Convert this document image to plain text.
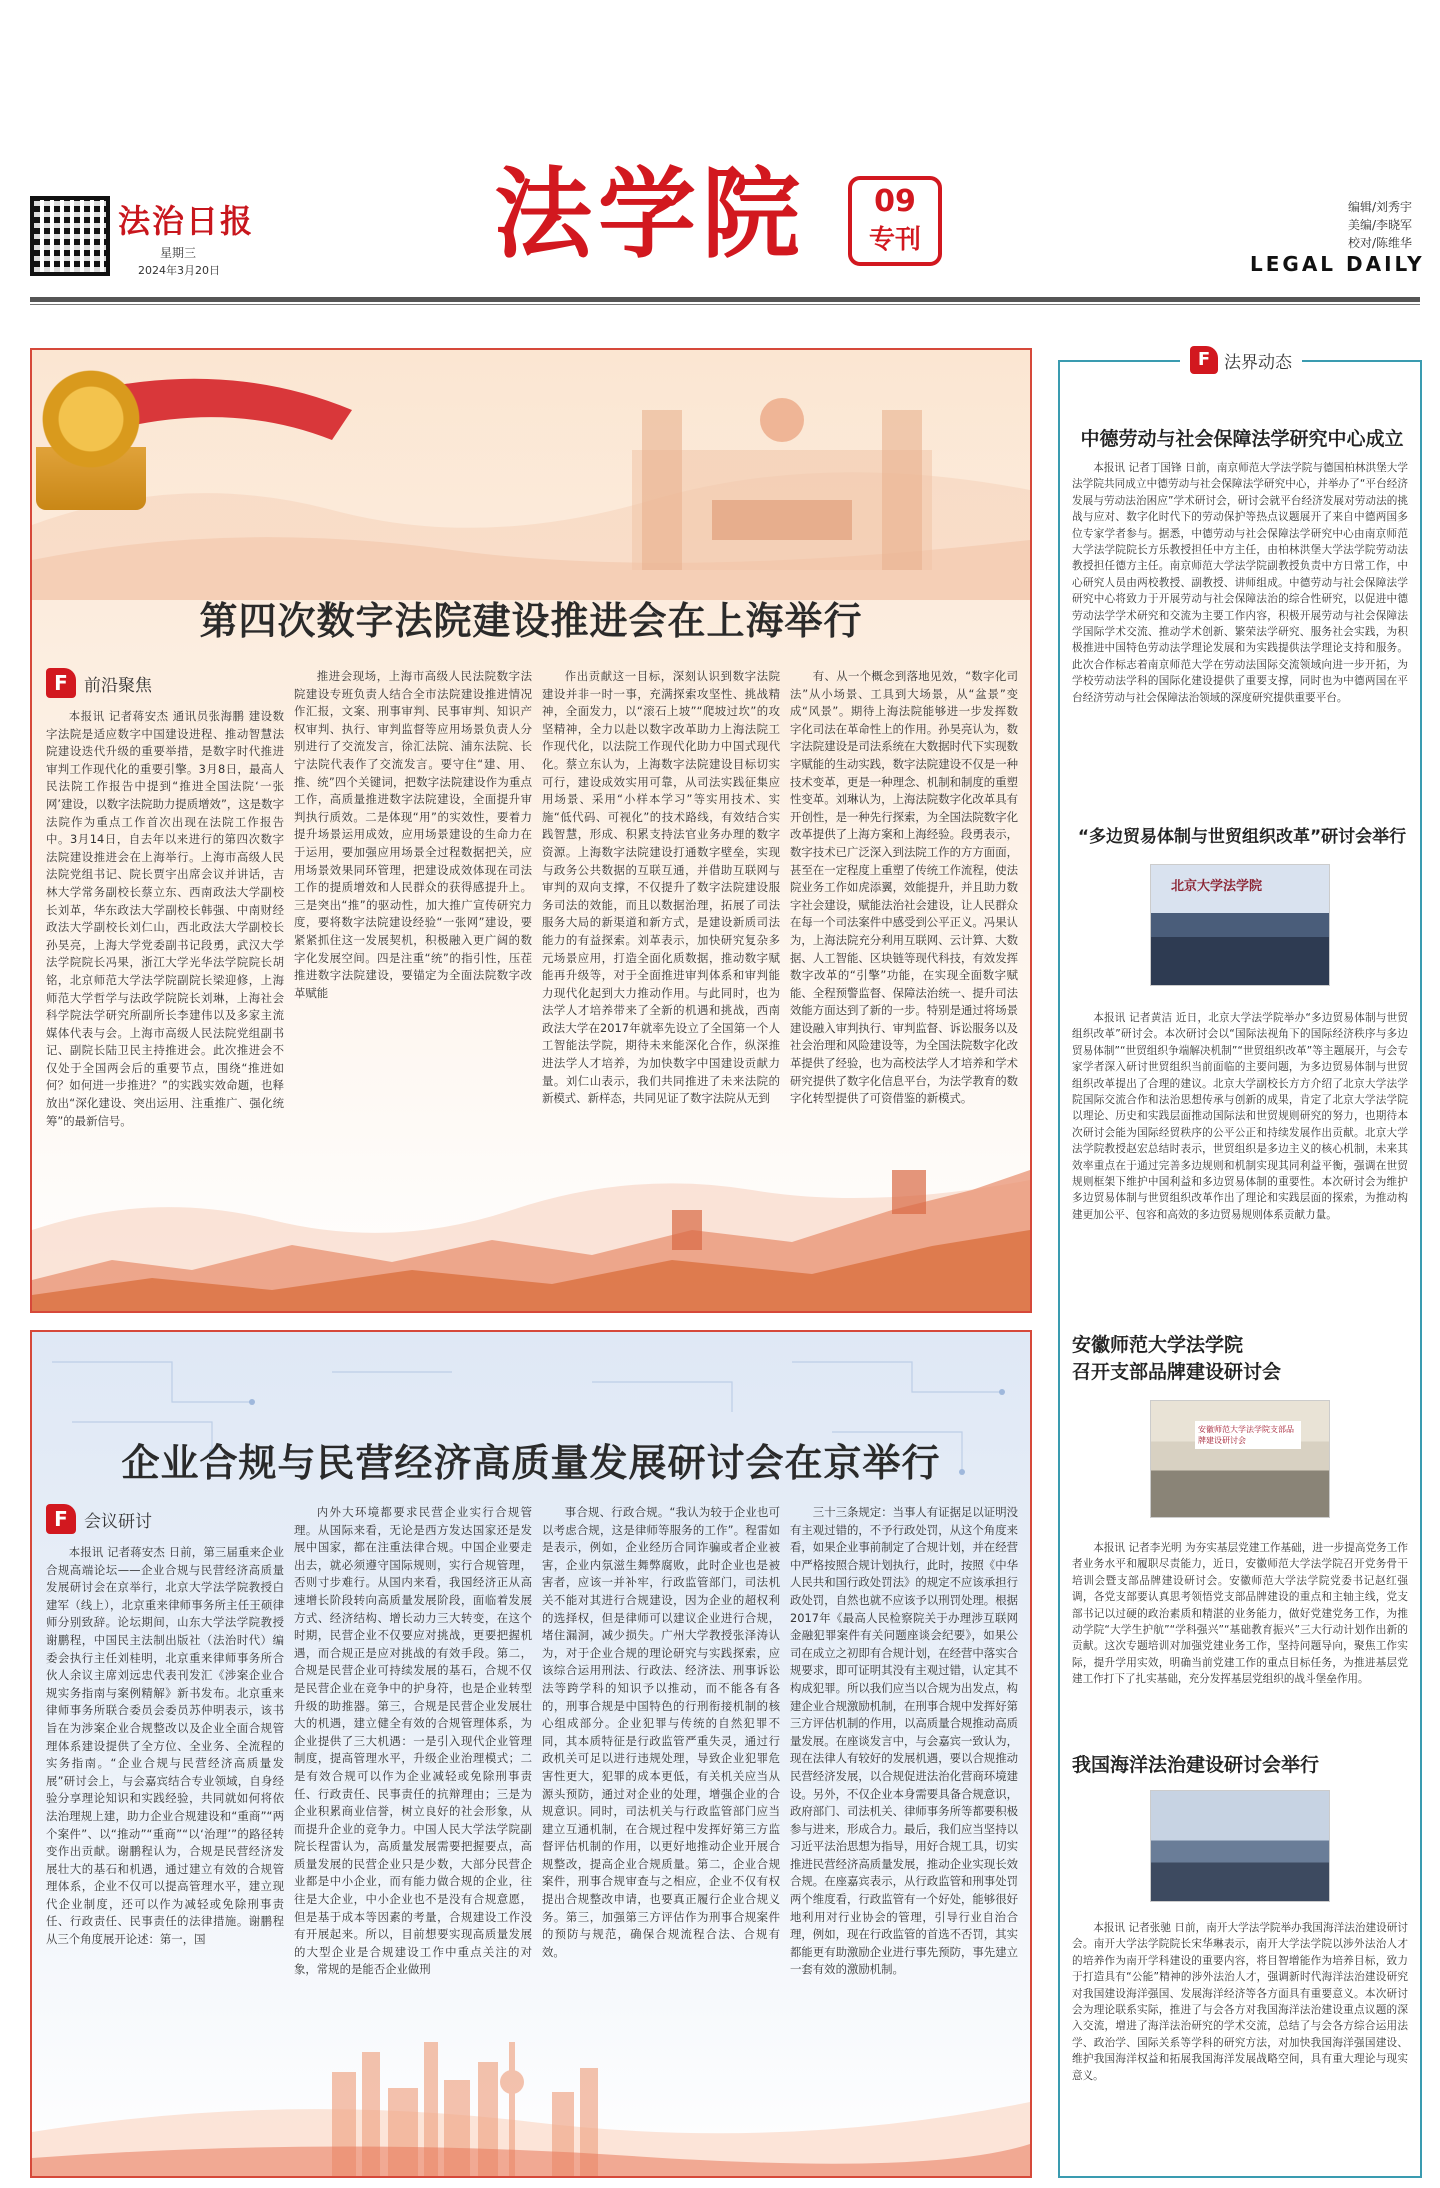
法治日报
星期三
2024年3月20日	法学院	09
专刊
编辑/刘秀宇
美编/李晓军
校对/陈维华
LEGAL DAILY
第四次数字法院建设推进会在上海举行
F 前沿聚焦

本报讯 记者蒋安杰 通讯员张海鹏 建设数字法院是适应数字中国建设进程、推动智慧法院建设迭代升级的重要举措，是数字时代推进审判工作现代化的重要引擎。3月8日，最高人民法院工作报告中提到“推进全国法院‘一张网’建设，以数字法院助力提质增效”，这是数字法院作为重点工作首次出现在法院工作报告中。3月14日，自去年以来进行的第四次数字法院建设推进会在上海举行。上海市高级人民法院党组书记、院长贾宇出席会议并讲话，吉林大学常务副校长蔡立东、西南政法大学副校长刘革，华东政法大学副校长韩强、中南财经政法大学副校长刘仁山，西北政法大学副校长孙昊亮，上海大学党委副书记段勇，武汉大学法学院院长冯果，浙江大学光华法学院院长胡铭，北京师范大学法学院副院长梁迎修，上海师范大学哲学与法政学院院长刘琳，上海社会科学院法学研究所副所长李建伟以及多家主流媒体代表与会。上海市高级人民法院党组副书记、副院长陆卫民主持推进会。此次推进会不仅处于全国两会后的重要节点，围绕“推进如何？如何进一步推进？”的实践实效命题，也释放出“深化建设、突出运用、注重推广、强化统筹”的最新信号。

推进会现场，上海市高级人民法院数字法院建设专班负责人结合全市法院建设推进情况作汇报，文案、刑事审判、民事审判、知识产权审判、执行、审判监督等应用场景负责人分别进行了交流发言，徐汇法院、浦东法院、长宁法院代表作了交流发言。要守住“建、用、推、统”四个关键词，把数字法院建设作为重点工作，高质量推进数字法院建设，全面提升审判执行质效。二是体现“用”的实效性，要着力提升场景运用成效，应用场景建设的生命力在于运用，要加强应用场景全过程数据把关，应用场景效果同环管理，把建设成效体现在司法工作的提质增效和人民群众的获得感提升上。三是突出“推”的驱动性，加大推广宣传研究力度，要将数字法院建设经验“一张网”建设，要紧紧抓住这一发展契机，积极融入更广阔的数字化发展空间。四是注重“统”的指引性，压茬推进数字法院建设，要锚定为全面法院数字改革赋能

作出贡献这一目标，深刻认识到数字法院建设并非一时一事，充满探索攻坚性、挑战精神，全面发力，以“滚石上坡”“爬坡过坎”的攻坚精神，全力以赴以数字改革助力上海法院工作现代化，以法院工作现代化助力中国式现代化。蔡立东认为，上海数字法院建设目标切实可行，建设成效实用可靠，从司法实践征集应用场景、采用“小样本学习”等实用技术、实施“低代码、可视化”的技术路线，有效结合实践智慧，形成、积累支持法官业务办理的数字资源。上海数字法院建设打通数字壁垒，实现与政务公共数据的互联互通，并借助互联网与审判的双向支撑，不仅提升了数字法院建设服务司法的效能，而且以数据治理，拓展了司法服务大局的新渠道和新方式，是建设新质司法能力的有益探索。刘革表示，加快研究复杂多元场景应用，打造全面化质数据，推动数字赋能再升级等，对于全面推进审判体系和审判能力现代化起到大力推动作用。与此同时，也为法学人才培养带来了全新的机遇和挑战，西南政法大学在2017年就率先设立了全国第一个人工智能法学院，期待未来能深化合作，纵深推进法学人才培养，为加快数字中国建设贡献力量。刘仁山表示，我们共同推进了未来法院的新模式、新样态，共同见证了数字法院从无到

有、从一个概念到落地见效，“数字化司法”从小场景、工具到大场景，从“盆景”变成“风景”。期待上海法院能够进一步发挥数字化司法在革命性上的作用。孙昊亮认为，数字法院建设是司法系统在大数据时代下实现数字赋能的生动实践，数字法院建设不仅是一种技术变革，更是一种理念、机制和制度的重塑性变革。刘琳认为，上海法院数字化改革具有开创性，是一种先行探索，为全国法院数字化改革提供了上海方案和上海经验。段勇表示，数字技术已广泛深入到法院工作的方方面面，甚至在一定程度上重塑了传统工作流程，使法院业务工作如虎添翼，效能提升，并且助力数字社会建设，赋能法治社会建设，让人民群众在每一个司法案件中感受到公平正义。冯果认为，上海法院充分利用互联网、云计算、大数据、人工智能、区块链等现代科技，有效发挥数字改革的“引擎”功能，在实现全面数字赋能、全程预警监督、保障法治统一、提升司法效能方面达到了新的一步。特别是通过将场景建设融入审判执行、审判监督、诉讼服务以及社会治理和风险建设等，为全国法院数字化改革提供了经验，也为高校法学人才培养和学术研究提供了数字化信息平台，为法学教育的数字化转型提供了可资借鉴的新模式。

企业合规与民营经济高质量发展研讨会在京举行
F 会议研讨

本报讯 记者蒋安杰 日前，第三届重来企业合规高端论坛——企业合规与民营经济高质量发展研讨会在京举行，北京大学法学院教授白建军（线上），北京重来律师事务所主任王硕律师分别致辞。论坛期间，山东大学法学院教授谢鹏程，中国民主法制出版社（法治时代）编委会执行主任刘桂明，北京重来律师事务所合伙人余议主席刘远忠代表刊发汇《涉案企业合规实务指南与案例精解》新书发布。北京重来律师事务所联合委员会委员苏仲明表示，该书旨在为涉案企业合规整改以及企业全面合规管理体系建设提供了全方位、全业务、全流程的实务指南。“企业合规与民营经济高质量发展”研讨会上，与会嘉宾结合专业领域，自身经验分享理论知识和实践经验，共同就如何将依法治理规上建，助力企业合规建设和“重商”“两个案件”、以“推动”“重商”“以‘治理’”的路径转变作出贡献。谢鹏程认为，合规是民营经济发展壮大的基石和机遇，通过建立有效的合规管理体系，企业不仅可以提高管理水平，建立现代企业制度，还可以作为减轻或免除刑事责任、行政责任、民事责任的法律措施。谢鹏程从三个角度展开论述：第一，国

内外大环境都要求民营企业实行合规管理。从国际来看，无论是西方发达国家还是发展中国家，都在注重法律合规。中国企业要走出去，就必须遵守国际规则，实行合规管理，否则寸步难行。从国内来看，我国经济正从高速增长阶段转向高质量发展阶段，面临着发展方式、经济结构、增长动力三大转变，在这个时期，民营企业不仅要应对挑战，更要把握机遇，而合规正是应对挑战的有效手段。第二，合规是民营企业可持续发展的基石，合规不仅是民营企业在竞争中的护身符，也是企业转型升级的助推器。第三，合规是民营企业发展壮大的机遇，建立健全有效的合规管理体系，为企业提供了三大机遇：一是引入现代企业管理制度，提高管理水平，升级企业治理模式；二是有效合规可以作为企业减轻或免除刑事责任、行政责任、民事责任的抗辩理由；三是为企业积累商业信誉，树立良好的社会形象，从而提升企业的竞争力。中国人民大学法学院副院长程雷认为，高质量发展需要把握要点，高质量发展的民营企业只是少数，大部分民营企业都是中小企业，而有能力做合规的企业，往往是大企业，中小企业也不是没有合规意愿，但是基于成本等因素的考量，合规建设工作没有开展起来。所以，目前想要实现高质量发展的大型企业是合规建设工作中重点关注的对象，常规的是能否企业做刑

事合规、行政合规。“我认为较于企业也可以考虑合规，这是律师等服务的工作”。程雷如是表示，例如，企业经历合同诈骗或者企业被害，企业内氛滋生舞弊腐败，此时企业也是被害者，应该一并补牢，行政监管部门，司法机关不能对其进行合规建设，因为企业的超权利的选择权，但是律师可以建议企业进行合规，堵住漏洞，减少损失。广州大学教授张泽涛认为，对于企业合规的理论研究与实践探索，应该综合运用刑法、行政法、经济法、刑事诉讼法等跨学科的知识予以推动，而不能各有各的，刑事合规是中国特色的行刑衔接机制的核心组成部分。企业犯罪与传统的自然犯罪不同，其本质特征是行政监管严重失灵，通过行政机关可足以进行违规处理，导致企业犯罪危害性更大，犯罪的成本更低，有关机关应当从源头预防，通过对企业的处理，增强企业的合规意识。同时，司法机关与行政监管部门应当建立互通机制，在合规过程中发挥好第三方监督评估机制的作用，以更好地推动企业开展合规整改，提高企业合规质量。第二，企业合规案件，刑事合规审查与之相应，企业不仅有权提出合规整改申请，也要真正履行企业合规义务。第三，加强第三方评估作为刑事合规案件的预防与规范，确保合规流程合法、合规有效。

三十三条规定：当事人有证据足以证明没有主观过错的，不予行政处罚，从这个角度来看，如果企业事前制定了合规计划，并在经营中严格按照合规计划执行，此时，按照《中华人民共和国行政处罚法》的规定不应该承担行政处罚，自然也就不应该予以刑罚处理。根据2017年《最高人民检察院关于办理涉互联网金融犯罪案件有关问题座谈会纪要》，如果公司在成立之初即有合规计划，在经营中落实合规要求，即可证明其没有主观过错，认定其不构成犯罪。所以我们应当以合规为出发点，构建企业合规激励机制，在刑事合规中发挥好第三方评估机制的作用，以高质量合规推动高质量发展。在座谈发言中，与会嘉宾一致认为，现在法律人有较好的发展机遇，要以合规推动民营经济发展，以合规促进法治化营商环境建设。另外，不仅企业本身需要具备合规意识，政府部门、司法机关、律师事务所等都要积极参与进来，形成合力。最后，我们应当坚持以习近平法治思想为指导，用好合规工具，切实推进民营经济高质量发展，推动企业实现长效合规。在座嘉宾表示，从行政监管和刑事处罚两个维度看，行政监管有一个好处，能够很好地利用对行业协会的管理，引导行业自治合理，例如，现在行政监管的首选不否罚，其实都能更有助激励企业进行事先预防，事先建立一套有效的激励机制。

F 法界动态
中德劳动与社会保障法学研究中心成立

本报讯 记者丁国锋 日前，南京师范大学法学院与德国柏林洪堡大学法学院共同成立中德劳动与社会保障法学研究中心，并举办了“平台经济发展与劳动法治困应”学术研讨会，研讨会就平台经济发展对劳动法的挑战与应对、数字化时代下的劳动保护等热点议题展开了来自中德两国多位专家学者参与。据悉，中德劳动与社会保障法学研究中心由南京师范大学法学院院长方乐教授担任中方主任，由柏林洪堡大学法学院劳动法教授担任德方主任。南京师范大学法学院副教授负责中方日常工作，中心研究人员由两校教授、副教授、讲师组成。中德劳动与社会保障法学研究中心将致力于开展劳动与社会保障法治的综合性研究，以促进中德劳动法学学术研究和交流为主要工作内容，积极开展劳动与社会保障法学国际学术交流、推动学术创新、繁荣法学研究、服务社会实践，为积极推进中国特色劳动法学理论发展和为实践提供法学理论支持和服务。此次合作标志着南京师范大学在劳动法国际交流领域向进一步开拓，为学校劳动法学科的国际化建设提供了重要支撑，同时也为中德两国在平台经济劳动与社会保障法治领域的深度研究提供重要平台。

“多边贸易体制与世贸组织改革”研讨会举行
北京大学法学院

本报讯 记者黄洁 近日，北京大学法学院举办“多边贸易体制与世贸组织改革”研讨会。本次研讨会以“国际法视角下的国际经济秩序与多边贸易体制”“世贸组织争端解决机制”“世贸组织改革”等主题展开，与会专家学者深入研讨世贸组织当前面临的主要问题，为多边贸易体制与世贸组织改革提出了合理的建议。北京大学副校长方方介绍了北京大学法学院国际交流合作和法治思想传承与创新的成果，肯定了北京大学法学院以理论、历史和实践层面推动国际法和世贸规则研究的努力，也期待本次研讨会能为国际经贸秩序的公平公正和持续发展作出贡献。北京大学法学院教授赵宏总结时表示，世贸组织是多边主义的核心机制，未来其效率重点在于通过完善多边规则和机制实现其同利益平衡，强调在世贸规则框架下维护中国利益和多边贸易体制的重要性。本次研讨会为维护多边贸易体制与世贸组织改革作出了理论和实践层面的探索，为推动构建更加公平、包容和高效的多边贸易规则体系贡献力量。

安徽师范大学法学院
召开支部品牌建设研讨会
安徽师范大学法学院支部品牌建设研讨会

本报讯 记者李光明 为夯实基层党建工作基础，进一步提高党务工作者业务水平和履职尽责能力，近日，安徽师范大学法学院召开党务骨干培训会暨支部品牌建设研讨会。安徽师范大学法学院党委书记赵红强调，各党支部要认真思考领悟党支部品牌建设的重点和主轴主线，党支部书记以过硬的政治素质和精湛的业务能力，做好党建党务工作，为推动学院“大学生护航”“学科强兴”“基础教育振兴”三大行动计划作出新的贡献。这次专题培训对加强党建业务工作，坚持问题导向，聚焦工作实际，提升学用实效，明确当前党建工作的重点目标任务，为推进基层党建工作打下了扎实基础，充分发挥基层党组织的战斗堡垒作用。

我国海洋法治建设研讨会举行

本报讯 记者张驰 日前，南开大学法学院举办我国海洋法治建设研讨会。南开大学法学院院长宋华琳表示，南开大学法学院以涉外法治人才的培养作为南开学科建设的重要内容，将目智增能作为培养目标，致力于打造具有“公能”精神的涉外法治人才，强调新时代海洋法治建设研究对我国建设海洋强国、发展海洋经济等各方面具有重要意义。本次研讨会为理论联系实际，推进了与会各方对我国海洋法治建设重点议题的深入交流，增进了海洋法治研究的学术交流，总结了与会各方综合运用法学、政治学、国际关系等学科的研究方法，对加快我国海洋强国建设、维护我国海洋权益和拓展我国海洋发展战略空间，具有重大理论与现实意义。
